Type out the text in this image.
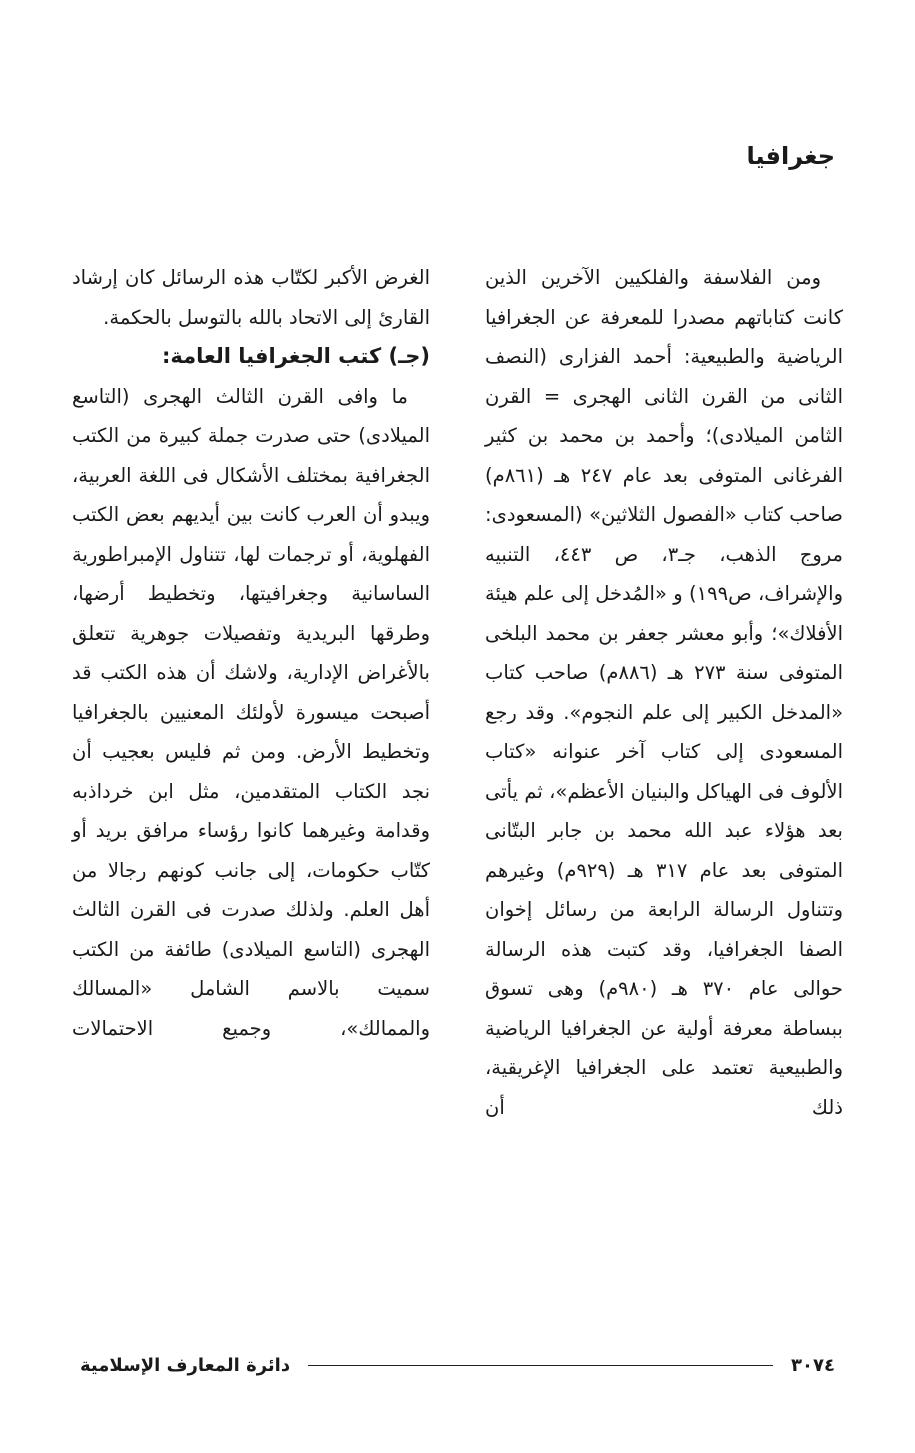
جغرافيا

ومن الفلاسفة والفلكيين الآخرين الذين كانت كتاباتهم مصدرا للمعرفة عن الجغرافيا الرياضية والطبيعية: أحمد الفزارى (النصف الثانى من القرن الثانى الهجرى = القرن الثامن الميلادى)؛ وأحمد بن محمد بن كثير الفرغانى المتوفى بعد عام ٢٤٧ هـ (٨٦١م) صاحب كتاب «الفصول الثلاثين» (المسعودى: مروج الذهب، جـ٣، ص ٤٤٣، التنبيه والإشراف، ص١٩٩) و «المُدخل إلى علم هيئة الأفلاك»؛ وأبو معشر جعفر بن محمد البلخى المتوفى سنة ٢٧٣ هـ (٨٨٦م) صاحب كتاب «المدخل الكبير إلى علم النجوم». وقد رجع المسعودى إلى كتاب آخر عنوانه «كتاب الألوف فى الهياكل والبنيان الأعظم»، ثم يأتى بعد هؤلاء عبد الله محمد بن جابر البتّانى المتوفى بعد عام ٣١٧ هـ (٩٢٩م) وغيرهم وتتناول الرسالة الرابعة من رسائل إخوان الصفا الجغرافيا، وقد كتبت هذه الرسالة حوالى عام ٣٧٠ هـ (٩٨٠م) وهى تسوق ببساطة معرفة أولية عن الجغرافيا الرياضية والطبيعية تعتمد على الجغرافيا الإغريقية، ذلك أن

الغرض الأكبر لكتّاب هذه الرسائل كان إرشاد القارئ إلى الاتحاد بالله بالتوسل بالحكمة.

(جـ) كتب الجغرافيا العامة:

ما وافى القرن الثالث الهجرى (التاسع الميلادى) حتى صدرت جملة كبيرة من الكتب الجغرافية بمختلف الأشكال فى اللغة العربية، ويبدو أن العرب كانت بين أيديهم بعض الكتب الفهلوية، أو ترجمات لها، تتناول الإمبراطورية الساسانية وجغرافيتها، وتخطيط أرضها، وطرقها البريدية وتفصيلات جوهرية تتعلق بالأغراض الإدارية، ولاشك أن هذه الكتب قد أصبحت ميسورة لأولئك المعنيين بالجغرافيا وتخطيط الأرض. ومن ثم فليس بعجيب أن نجد الكتاب المتقدمين، مثل ابن خرداذبه وقدامة وغيرهما كانوا رؤساء مرافق بريد أو كتّاب حكومات، إلى جانب كونهم رجالا من أهل العلم. ولذلك صدرت فى القرن الثالث الهجرى (التاسع الميلادى) طائفة من الكتب سميت بالاسم الشامل «المسالك والممالك»، وجميع الاحتمالات

٣٠٧٤
دائرة المعارف الإسلامية
